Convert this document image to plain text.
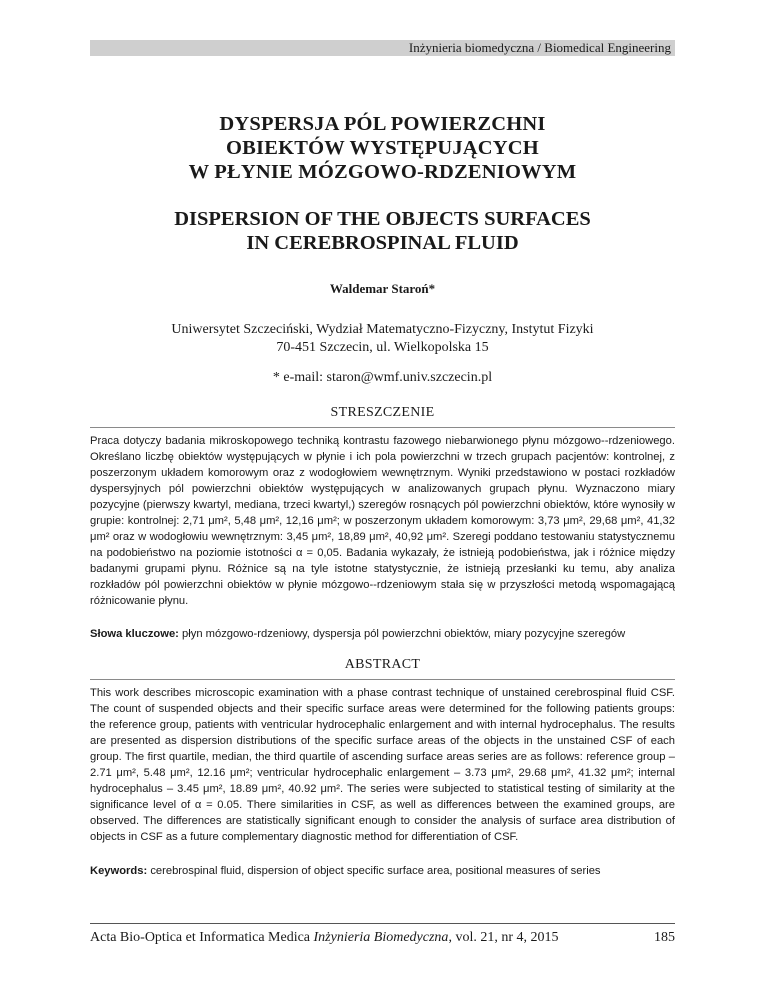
Inżynieria biomedyczna / Biomedical Engineering
DYSPERSJA PÓL POWIERZCHNI
OBIEKTÓW WYSTĘPUJĄCYCH
W PŁYNIE MÓZGOWO-RDZENIOWYM
DISPERSION OF THE OBJECTS SURFACES
IN CEREBROSPINAL FLUID
Waldemar Staroń*
Uniwersytet Szczeciński, Wydział Matematyczno-Fizyczny, Instytut Fizyki
70-451 Szczecin, ul. Wielkopolska 15
* e-mail: staron@wmf.univ.szczecin.pl
STRESZCZENIE
Praca dotyczy badania mikroskopowego techniką kontrastu fazowego niebarwionego płynu mózgowo--rdzeniowego. Określano liczbę obiektów występujących w płynie i ich pola powierzchni w trzech grupach pacjentów: kontrolnej, z poszerzonym układem komorowym oraz z wodogłowiem wewnętrznym. Wyniki przedstawiono w postaci rozkładów dyspersyjnych pól powierzchni obiektów występujących w analizowanych grupach płynu. Wyznaczono miary pozycyjne (pierwszy kwartyl, mediana, trzeci kwartyl,) szeregów rosnących pól powierzchni obiektów, które wynosiły w grupie: kontrolnej: 2,71 μm², 5,48 μm², 12,16 μm²; w poszerzonym układem komorowym: 3,73 μm², 29,68 μm², 41,32 μm² oraz w wodogłowiu wewnętrznym: 3,45 μm², 18,89 μm², 40,92 μm². Szeregi poddano testowaniu statystycznemu na podobieństwo na poziomie istotności α = 0,05. Badania wykazały, że istnieją podobieństwa, jak i różnice między badanymi grupami płynu. Różnice są na tyle istotne statystycznie, że istnieją przesłanki ku temu, aby analiza rozkładów pól powierzchni obiektów w płynie mózgowo--rdzeniowym stała się w przyszłości metodą wspomagającą różnicowanie płynu.
Słowa kluczowe: płyn mózgowo-rdzeniowy, dyspersja pól powierzchni obiektów, miary pozycyjne szeregów
ABSTRACT
This work describes microscopic examination with a phase contrast technique of unstained cerebrospinal fluid CSF. The count of suspended objects and their specific surface areas were determined for the following patients groups: the reference group, patients with ventricular hydrocephalic enlargement and with internal hydrocephalus. The results are presented as dispersion distributions of the specific surface areas of the objects in the unstained CSF of each group. The first quartile, median, the third quartile of ascending surface areas series are as follows: reference group – 2.71 μm², 5.48 μm², 12.16 μm²; ventricular hydrocephalic enlargement – 3.73 μm², 29.68 μm², 41.32 μm²; internal hydrocephalus – 3.45 μm², 18.89 μm², 40.92 μm². The series were subjected to statistical testing of similarity at the significance level of α = 0.05. There similarities in CSF, as well as differences between the examined groups, are observed. The differences are statistically significant enough to consider the analysis of surface area distribution of objects in CSF as a future complementary diagnostic method for differentiation of CSF.
Keywords: cerebrospinal fluid, dispersion of object specific surface area, positional measures of series
Acta Bio-Optica et Informatica Medica Inżynieria Biomedyczna, vol. 21, nr 4, 2015	185
